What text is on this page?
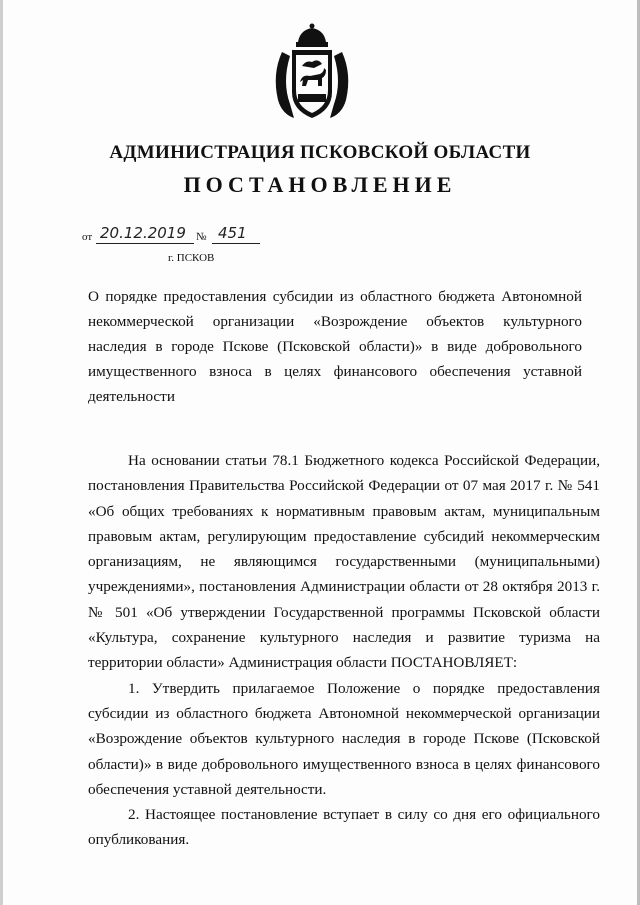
АДМИНИСТРАЦИЯ ПСКОВСКОЙ ОБЛАСТИ
ПОСТАНОВЛЕНИЕ
от 20.12.2019 № 451
г. ПСКОВ
О порядке предоставления субсидии из областного бюджета Автономной некоммерческой организации «Возрождение объектов культурного наследия в городе Пскове (Псковской области)» в виде добровольного имущественного взноса в целях финансового обеспечения уставной деятельности

На основании статьи 78.1 Бюджетного кодекса Российской Федерации, постановления Правительства Российской Федерации от 07 мая 2017 г. № 541 «Об общих требованиях к нормативным правовым актам, муниципальным правовым актам, регулирующим предоставление субсидий некоммерческим организациям, не являющимся государственными (муниципальными) учреждениями», постановления Администрации области от 28 октября 2013 г. № 501 «Об утверждении Государственной программы Псковской области «Культура, сохранение культурного наследия и развитие туризма на территории области» Администрация области ПОСТАНОВЛЯЕТ:

1. Утвердить прилагаемое Положение о порядке предоставления субсидии из областного бюджета Автономной некоммерческой организации «Возрождение объектов культурного наследия в городе Пскове (Псковской области)» в виде добровольного имущественного взноса в целях финансового обеспечения уставной деятельности.

2. Настоящее постановление вступает в силу со дня его официального опубликования.
